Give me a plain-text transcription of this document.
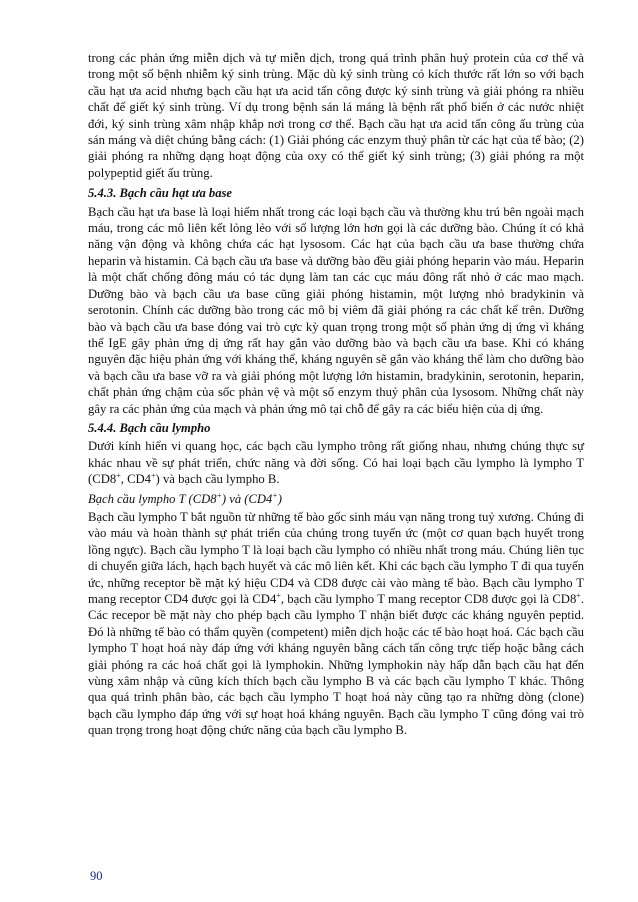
trong các phản ứng miễn dịch và tự miễn dịch, trong quá trình phân huỷ protein của cơ thể và trong một số bệnh nhiễm ký sinh trùng. Mặc dù ký sinh trùng có kích thước rất lớn so với bạch cầu hạt ưa acid nhưng bạch cầu hạt ưa acid tấn công được ký sinh trùng và giải phóng ra nhiều chất để giết ký sinh trùng. Ví dụ trong bệnh sán lá máng là bệnh rất phổ biến ở các nước nhiệt đới, ký sinh trùng xâm nhập khắp nơi trong cơ thể. Bạch cầu hạt ưa acid tấn công ấu trùng của sán máng và diệt chúng bằng cách: (1) Giải phóng các enzym thuỷ phân từ các hạt của tế bào; (2) giải phóng ra những dạng hoạt động của oxy có thể giết ký sinh trùng; (3) giải phóng ra một polypeptid giết ấu trùng.

5.4.3. Bạch cầu hạt ưa base

Bạch cầu hạt ưa base là loại hiếm nhất trong các loại bạch cầu và thường khu trú bên ngoài mạch máu, trong các mô liên kết lỏng lẻo với số lượng lớn hơn gọi là các dưỡng bào. Chúng ít có khả năng vận động và không chứa các hạt lysosom. Các hạt của bạch cầu ưa base thường chứa heparin và histamin. Cả bạch cầu ưa base và dưỡng bào đều giải phóng heparin vào máu. Heparin là một chất chống đông máu có tác dụng làm tan các cục máu đông rất nhỏ ở các mao mạch. Dưỡng bào và bạch cầu ưa base cũng giải phóng histamin, một lượng nhỏ bradykinin và serotonin. Chính các dưỡng bào trong các mô bị viêm đã giải phóng ra các chất kể trên. Dưỡng bào và bạch cầu ưa base đóng vai trò cực kỳ quan trọng trong một số phản ứng dị ứng vì kháng thể IgE gây phản ứng dị ứng rất hay gắn vào dưỡng bào và bạch cầu ưa base. Khi có kháng nguyên đặc hiệu phản ứng với kháng thể, kháng nguyên sẽ gắn vào kháng thể làm cho dưỡng bào và bạch cầu ưa base vỡ ra và giải phóng một lượng lớn histamin, bradykinin, serotonin, heparin, chất phản ứng chậm của sốc phản vệ và một số enzym thuỷ phân của lysosom. Những chất này gây ra các phản ứng của mạch và phản ứng mô tại chỗ để gây ra các biểu hiện của dị ứng.

5.4.4. Bạch cầu lympho

Dưới kính hiển vi quang học, các bạch cầu lympho trông rất giống nhau, nhưng chúng thực sự khác nhau về sự phát triển, chức năng và đời sống. Có hai loại bạch cầu lympho là lympho T (CD8+, CD4+) và bạch cầu lympho B.

Bạch cầu lympho T (CD8+) và (CD4+)

Bạch cầu lympho T bắt nguồn từ những tế bào gốc sinh máu vạn năng trong tuỷ xương. Chúng đi vào máu và hoàn thành sự phát triển của chúng trong tuyến ức (một cơ quan bạch huyết trong lồng ngực). Bạch cầu lympho T là loại bạch cầu lympho có nhiều nhất trong máu. Chúng liên tục di chuyển giữa lách, hạch bạch huyết và các mô liên kết. Khi các bạch cầu lympho T đi qua tuyến ức, những receptor bề mặt ký hiệu CD4 và CD8 được cài vào màng tế bào. Bạch cầu lympho T mang receptor CD4 được gọi là CD4+, bạch cầu lympho T mang receptor CD8 được gọi là CD8+. Các recepor bề mặt này cho phép bạch cầu lympho T nhận biết được các kháng nguyên peptid. Đó là những tế bào có thẩm quyền (competent) miễn dịch hoặc các tế bào hoạt hoá. Các bạch cầu lympho T hoạt hoá này đáp ứng với kháng nguyên bằng cách tấn công trực tiếp hoặc bằng cách giải phóng ra các hoá chất gọi là lymphokin. Những lymphokin này hấp dẫn bạch cầu hạt đến vùng xâm nhập và cũng kích thích bạch cầu lympho B và các bạch cầu lympho T khác. Thông qua quá trình phân bào, các bạch cầu lympho T hoạt hoá này cũng tạo ra những dòng (clone) bạch cầu lympho đáp ứng với sự hoạt hoá kháng nguyên. Bạch cầu lympho T cũng đóng vai trò quan trọng trong hoạt động chức năng của bạch cầu lympho B.

90
